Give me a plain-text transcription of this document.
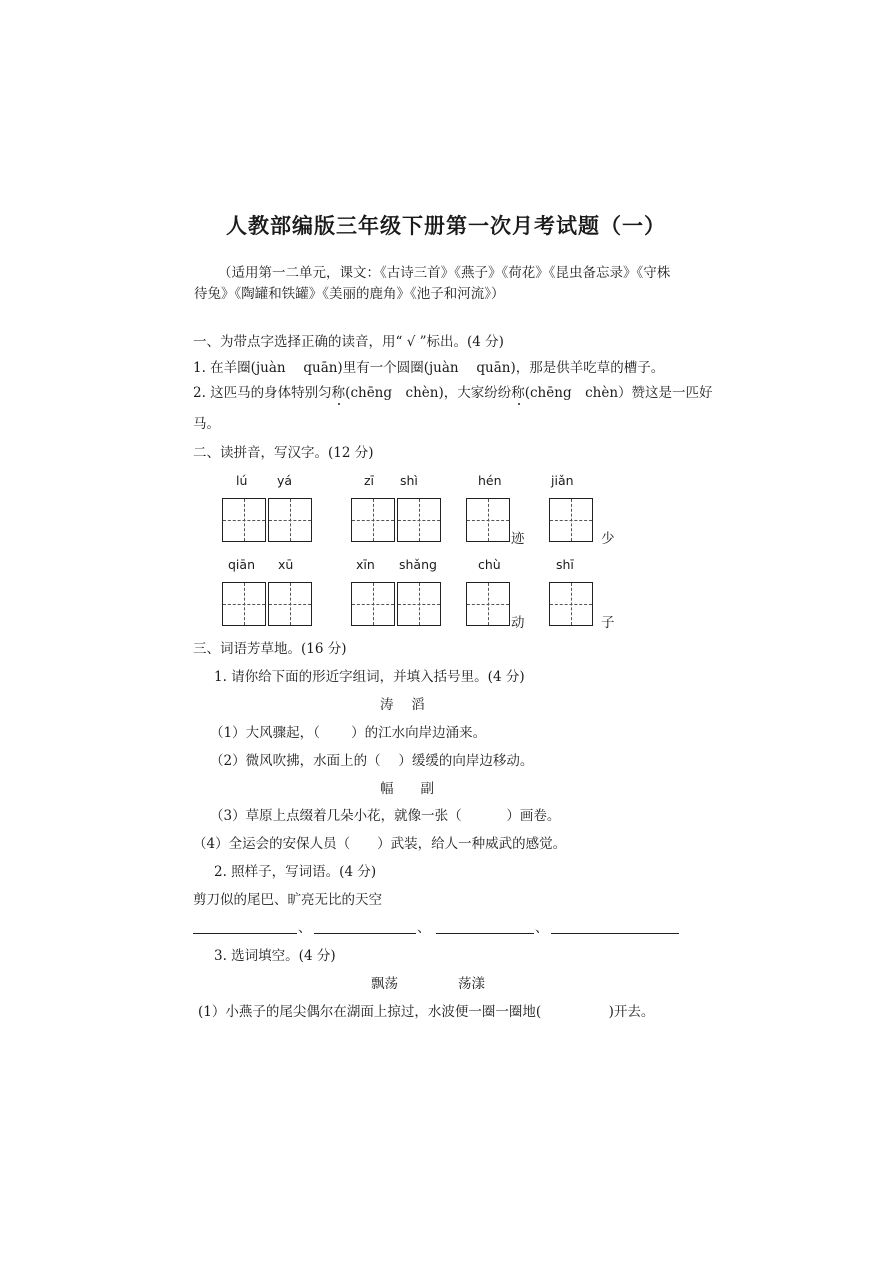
人教部编版三年级下册第一次月考试题（一）
（适用第一二单元，课文：《古诗三首》《燕子》《荷花》《昆虫备忘录》《守株
待兔》《陶罐和铁罐》《美丽的鹿角》《池子和河流》）
一、为带点字选择正确的读音，用“ √ ”标出。(4 分)
1. 在羊圈(juàn　 quān)里有一个圆圈(juàn　 quān)，那是供羊吃草的槽子。
2. 这匹马的身体特别匀称(chēng　chèn)，大家纷纷称(chēng　chèn）赞这是一匹好
马。
二、读拼音，写汉字。(12 分)
lú yá	zī shì	hén	jiǎn
迹	少
qiān xū	xīn shǎng	chù	shī
动	子
三、词语芳草地。(16 分)
1. 请你给下面的形近字组词，并填入括号里。(4 分)
涛　 滔
（1）大风骤起，（　　 ）的江水向岸边涌来。
（2）微风吹拂，水面上的（　 ）缓缓的向岸边移动。
幅　　副
（3）草原上点缀着几朵小花，就像一张（　　　 ）画卷。
（4）全运会的安保人员（　　）武装，给人一种威武的感觉。
2. 照样子，写词语。(4 分)
剪刀似的尾巴、旷亮无比的天空
、	、	、
3. 选词填空。(4 分)
飘荡	荡漾
(1）小燕子的尾尖偶尔在湖面上掠过，水波便一圈一圈地(　　　　　)开去。
